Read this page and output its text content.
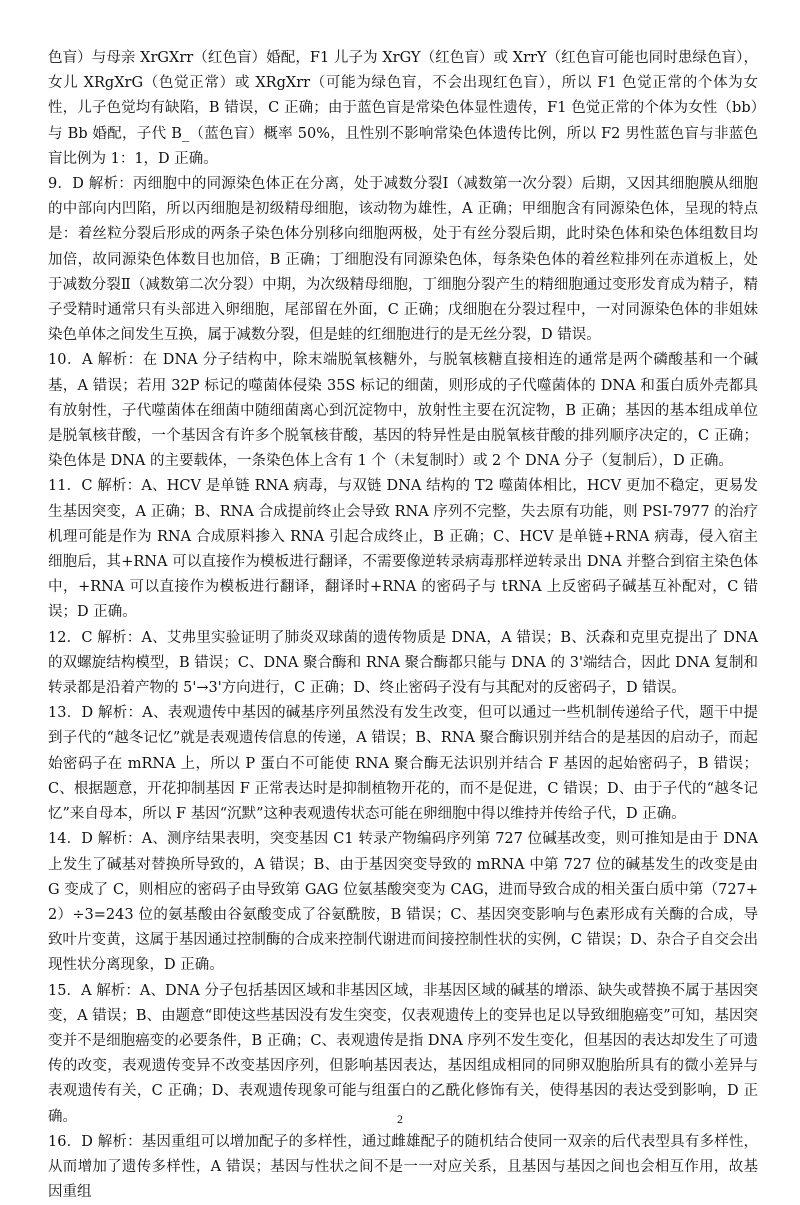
色盲）与母亲 XrGXrr（红色盲）婚配，F1 儿子为 XrGY（红色盲）或 XrrY（红色盲可能也同时患绿色盲），女儿 XRgXrG（色觉正常）或 XRgXrr（可能为绿色盲，不会出现红色盲），所以 F1 色觉正常的个体为女性，儿子色觉均有缺陷，B 错误，C 正确；由于蓝色盲是常染色体显性遗传，F1 色觉正常的个体为女性（bb）与 Bb 婚配，子代 B_（蓝色盲）概率 50%，且性别不影响常染色体遗传比例，所以 F2 男性蓝色盲与非蓝色盲比例为 1：1，D 正确。

9．D 解析：丙细胞中的同源染色体正在分离，处于减数分裂Ⅰ（减数第一次分裂）后期，又因其细胞膜从细胞的中部向内凹陷，所以丙细胞是初级精母细胞，该动物为雄性，A 正确；甲细胞含有同源染色体，呈现的特点是：着丝粒分裂后形成的两条子染色体分别移向细胞两极，处于有丝分裂后期，此时染色体和染色体组数目均加倍，故同源染色体数目也加倍，B 正确；丁细胞没有同源染色体，每条染色体的着丝粒排列在赤道板上，处于减数分裂Ⅱ（减数第二次分裂）中期，为次级精母细胞，丁细胞分裂产生的精细胞通过变形发育成为精子，精子受精时通常只有头部进入卵细胞，尾部留在外面，C 正确；戊细胞在分裂过程中，一对同源染色体的非姐妹染色单体之间发生互换，属于减数分裂，但是蛙的红细胞进行的是无丝分裂，D 错误。

10．A 解析：在 DNA 分子结构中，除末端脱氧核糖外，与脱氧核糖直接相连的通常是两个磷酸基和一个碱基，A 错误；若用 32P 标记的噬菌体侵染 35S 标记的细菌，则形成的子代噬菌体的 DNA 和蛋白质外壳都具有放射性，子代噬菌体在细菌中随细菌离心到沉淀物中，放射性主要在沉淀物，B 正确；基因的基本组成单位是脱氧核苷酸，一个基因含有许多个脱氧核苷酸，基因的特异性是由脱氧核苷酸的排列顺序决定的，C 正确；染色体是 DNA 的主要载体，一条染色体上含有 1 个（未复制时）或 2 个 DNA 分子（复制后），D 正确。

11．C 解析：A、HCV 是单链 RNA 病毒，与双链 DNA 结构的 T2 噬菌体相比，HCV 更加不稳定，更易发生基因突变，A 正确；B、RNA 合成提前终止会导致 RNA 序列不完整，失去原有功能，则 PSI-7977 的治疗机理可能是作为 RNA 合成原料掺入 RNA 引起合成终止，B 正确；C、HCV 是单链+RNA 病毒，侵入宿主细胞后，其+RNA 可以直接作为模板进行翻译，不需要像逆转录病毒那样逆转录出 DNA 并整合到宿主染色体中，+RNA 可以直接作为模板进行翻译，翻译时+RNA 的密码子与 tRNA 上反密码子碱基互补配对，C 错误；D 正确。

12．C 解析：A、艾弗里实验证明了肺炎双球菌的遗传物质是 DNA，A 错误；B、沃森和克里克提出了 DNA 的双螺旋结构模型，B 错误；C、DNA 聚合酶和 RNA 聚合酶都只能与 DNA 的 3'端结合，因此 DNA 复制和转录都是沿着产物的 5'→3'方向进行，C 正确；D、终止密码子没有与其配对的反密码子，D 错误。

13．D 解析：A、表观遗传中基因的碱基序列虽然没有发生改变，但可以通过一些机制传递给子代，题干中提到子代的“越冬记忆”就是表观遗传信息的传递，A 错误；B、RNA 聚合酶识别并结合的是基因的启动子，而起始密码子在 mRNA 上，所以 P 蛋白不可能使 RNA 聚合酶无法识别并结合 F 基因的起始密码子，B 错误；C、根据题意，开花抑制基因 F 正常表达时是抑制植物开花的，而不是促进，C 错误；D、由于子代的“越冬记忆”来自母本，所以 F 基因“沉默”这种表观遗传状态可能在卵细胞中得以维持并传给子代，D 正确。

14．D 解析：A、测序结果表明，突变基因 C1 转录产物编码序列第 727 位碱基改变，则可推知是由于 DNA 上发生了碱基对替换所导致的，A 错误；B、由于基因突变导致的 mRNA 中第 727 位的碱基发生的改变是由 G 变成了 C，则相应的密码子由导致第 GAG 位氨基酸突变为 CAG，进而导致合成的相关蛋白质中第（727+2）÷3=243 位的氨基酸由谷氨酸变成了谷氨酰胺，B 错误；C、基因突变影响与色素形成有关酶的合成，导致叶片变黄，这属于基因通过控制酶的合成来控制代谢进而间接控制性状的实例，C 错误；D、杂合子自交会出现性状分离现象，D 正确。

15．A 解析：A、DNA 分子包括基因区域和非基因区域，非基因区域的碱基的增添、缺失或替换不属于基因突变，A 错误；B、由题意“即使这些基因没有发生突变，仅表观遗传上的变异也足以导致细胞癌变”可知，基因突变并不是细胞癌变的必要条件，B 正确；C、表观遗传是指 DNA 序列不发生变化，但基因的表达却发生了可遗传的改变，表观遗传变异不改变基因序列，但影响基因表达，基因组成相同的同卵双胞胎所具有的微小差异与表观遗传有关，C 正确；D、表观遗传现象可能与组蛋白的乙酰化修饰有关，使得基因的表达受到影响，D 正确。

16．D 解析：基因重组可以增加配子的多样性，通过雌雄配子的随机结合使同一双亲的后代表型具有多样性，从而增加了遗传多样性，A 错误；基因与性状之间不是一一对应关系，且基因与基因之间也会相互作用，故基因重组

2
